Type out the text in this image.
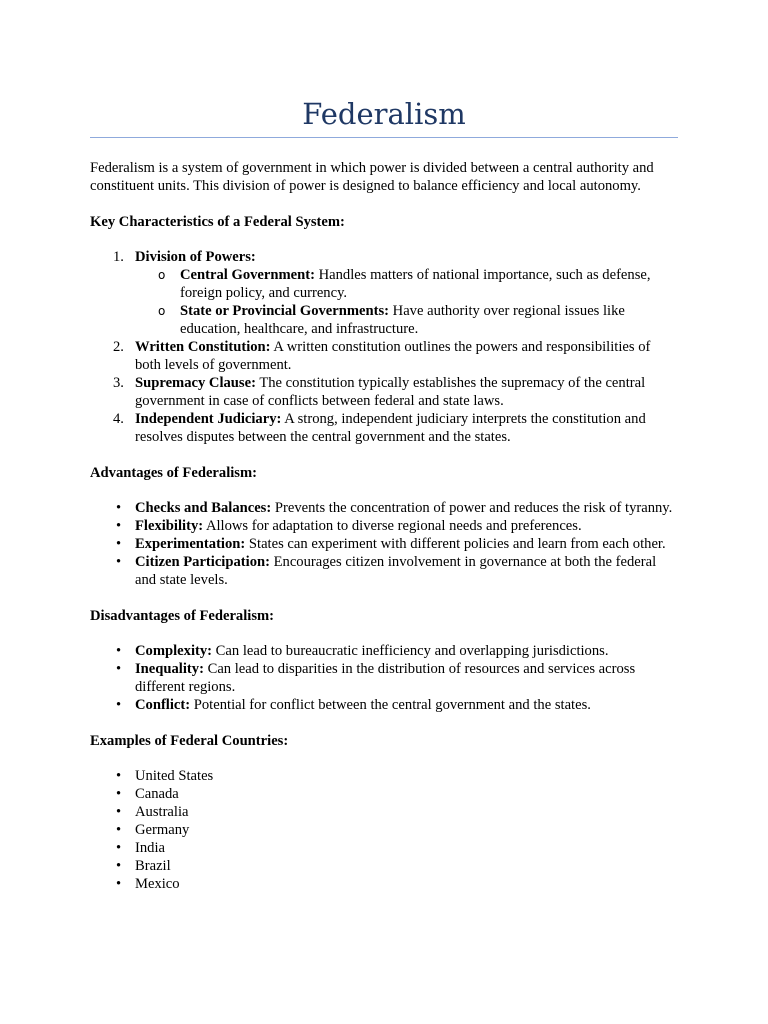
Federalism

Federalism is a system of government in which power is divided between a central authority and constituent units. This division of power is designed to balance efficiency and local autonomy.

Key Characteristics of a Federal System:

1. Division of Powers:
o Central Government: Handles matters of national importance, such as defense, foreign policy, and currency.
o State or Provincial Governments: Have authority over regional issues like education, healthcare, and infrastructure.
2. Written Constitution: A written constitution outlines the powers and responsibilities of both levels of government.
3. Supremacy Clause: The constitution typically establishes the supremacy of the central government in case of conflicts between federal and state laws.
4. Independent Judiciary: A strong, independent judiciary interprets the constitution and resolves disputes between the central government and the states.

Advantages of Federalism:

• Checks and Balances: Prevents the concentration of power and reduces the risk of tyranny.
• Flexibility: Allows for adaptation to diverse regional needs and preferences.
• Experimentation: States can experiment with different policies and learn from each other.
• Citizen Participation: Encourages citizen involvement in governance at both the federal and state levels.

Disadvantages of Federalism:

• Complexity: Can lead to bureaucratic inefficiency and overlapping jurisdictions.
• Inequality: Can lead to disparities in the distribution of resources and services across different regions.
• Conflict: Potential for conflict between the central government and the states.

Examples of Federal Countries:

• United States
• Canada
• Australia
• Germany
• India
• Brazil
• Mexico
